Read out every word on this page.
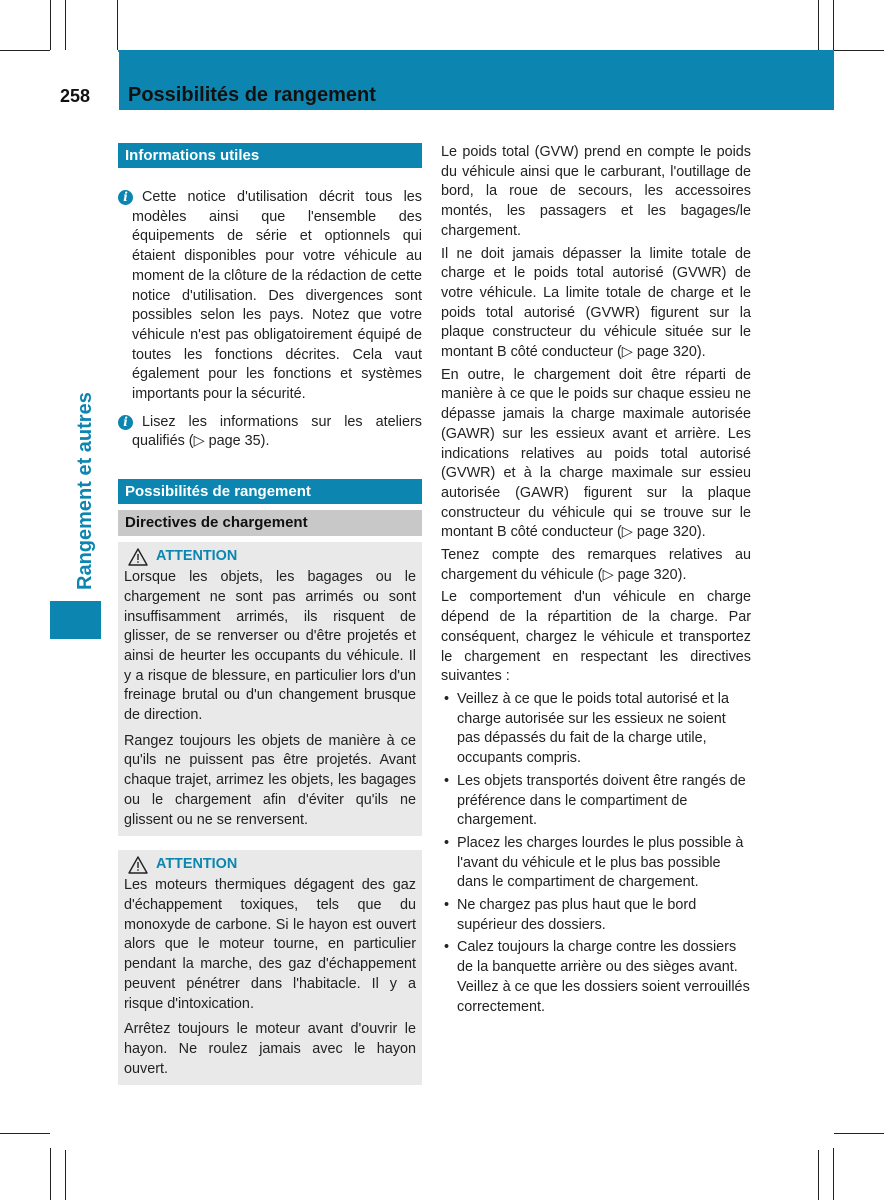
258 Possibilités de rangement
Rangement et autres
Informations utiles
i Cette notice d'utilisation décrit tous les modèles ainsi que l'ensemble des équipements de série et optionnels qui étaient disponibles pour votre véhicule au moment de la clôture de la rédaction de cette notice d'utilisation. Des divergences sont possibles selon les pays. Notez que votre véhicule n'est pas obligatoirement équipé de toutes les fonctions décrites. Cela vaut également pour les fonctions et systèmes importants pour la sécurité.

i Lisez les informations sur les ateliers qualifiés (▷ page 35).

Possibilités de rangement
Directives de chargement
ATTENTION

Lorsque les objets, les bagages ou le chargement ne sont pas arrimés ou sont insuffisamment arrimés, ils risquent de glisser, de se renverser ou d'être projetés et ainsi de heurter les occupants du véhicule. Il y a risque de blessure, en particulier lors d'un freinage brutal ou d'un changement brusque de direction.

Rangez toujours les objets de manière à ce qu'ils ne puissent pas être projetés. Avant chaque trajet, arrimez les objets, les bagages ou le chargement afin d'éviter qu'ils ne glissent ou ne se renversent.

ATTENTION

Les moteurs thermiques dégagent des gaz d'échappement toxiques, tels que du monoxyde de carbone. Si le hayon est ouvert alors que le moteur tourne, en particulier pendant la marche, des gaz d'échappement peuvent pénétrer dans l'habitacle. Il y a risque d'intoxication.

Arrêtez toujours le moteur avant d'ouvrir le hayon. Ne roulez jamais avec le hayon ouvert.

Le poids total (GVW) prend en compte le poids du véhicule ainsi que le carburant, l'outillage de bord, la roue de secours, les accessoires montés, les passagers et les bagages/le chargement.

Il ne doit jamais dépasser la limite totale de charge et le poids total autorisé (GVWR) de votre véhicule. La limite totale de charge et le poids total autorisé (GVWR) figurent sur la plaque constructeur du véhicule située sur le montant B côté conducteur (▷ page 320).

En outre, le chargement doit être réparti de manière à ce que le poids sur chaque essieu ne dépasse jamais la charge maximale autorisée (GAWR) sur les essieux avant et arrière. Les indications relatives au poids total autorisé (GVWR) et à la charge maximale sur essieu autorisée (GAWR) figurent sur la plaque constructeur du véhicule qui se trouve sur le montant B côté conducteur (▷ page 320).

Tenez compte des remarques relatives au chargement du véhicule (▷ page 320).

Le comportement d'un véhicule en charge dépend de la répartition de la charge. Par conséquent, chargez le véhicule et transportez le chargement en respectant les directives suivantes :

• Veillez à ce que le poids total autorisé et la charge autorisée sur les essieux ne soient pas dépassés du fait de la charge utile, occupants compris.
• Les objets transportés doivent être rangés de préférence dans le compartiment de chargement.
• Placez les charges lourdes le plus possible à l'avant du véhicule et le plus bas possible dans le compartiment de chargement.
• Ne chargez pas plus haut que le bord supérieur des dossiers.
• Calez toujours la charge contre les dossiers de la banquette arrière ou des sièges avant. Veillez à ce que les dossiers soient verrouillés correctement.
